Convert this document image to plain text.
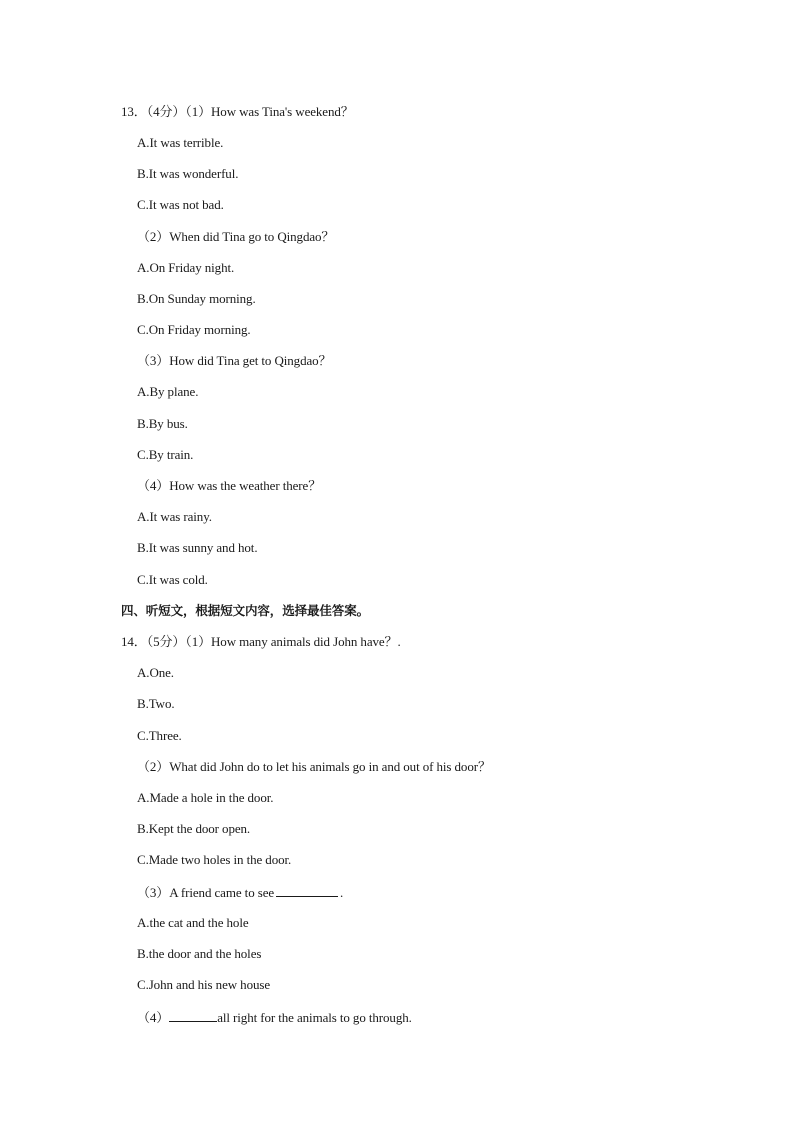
13．（4分）（1）How was Tina's weekend？
A.It was terrible.
B.It was wonderful.
C.It was not bad.
（2）When did Tina go to Qingdao？
A.On Friday night.
B.On Sunday morning.
C.On Friday morning.
（3）How did Tina get to Qingdao？
A.By plane.
B.By bus.
C.By train.
（4）How was the weather there？
A.It was rainy.
B.It was sunny and hot.
C.It was cold.
四、听短文，根据短文内容，选择最佳答案。
14．（5分）（1）How many animals did John have？.
A.One.
B.Two.
C.Three.
（2）What did John do to let his animals go in and out of his door？
A.Made a hole in the door.
B.Kept the door open.
C.Made two holes in the door.
（3）A friend came to see	.
A.the cat and the hole
B.the door and the holes
C.John and his new house
（4）	all right for the animals to go through.
